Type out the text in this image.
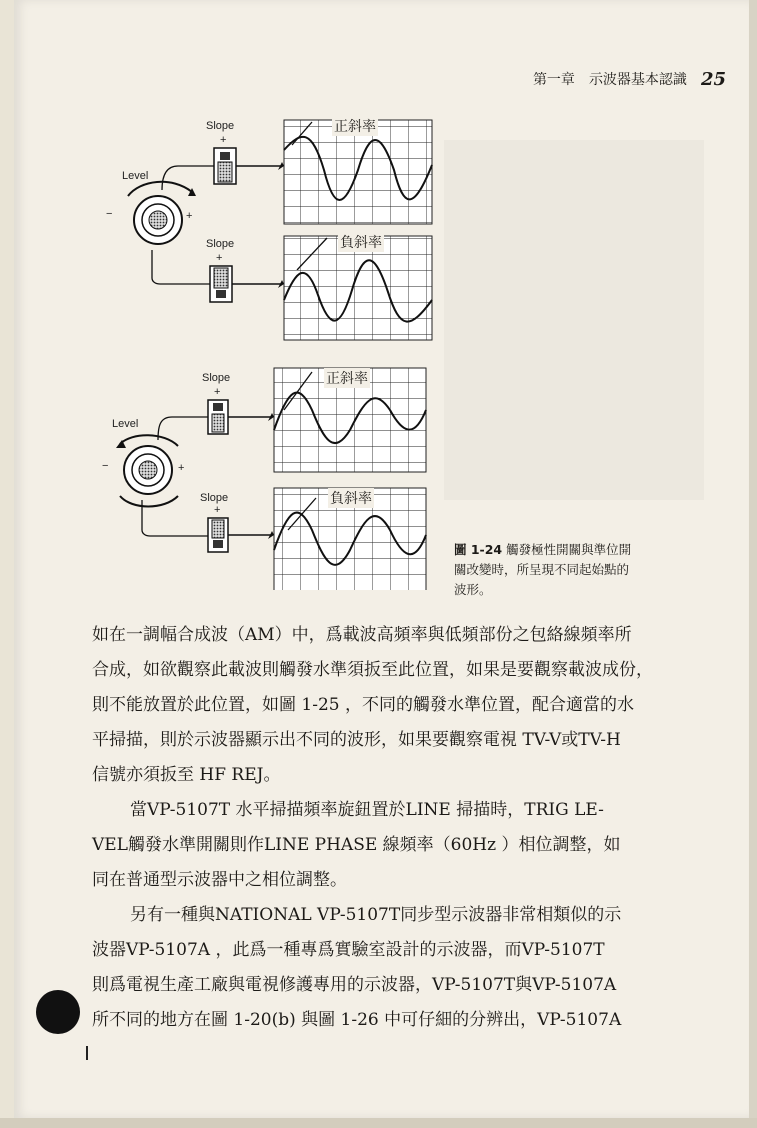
第一章 示波器基本認識 25
Level
Level
−	+
−	+
Slope
+
Slope
+
Slope
+
Slope
+
正斜率
負斜率
正斜率
負斜率
圖 1-24 觸發極性開關與準位開
關改變時，所呈現不同起始點的
波形。

如在一調幅合成波（AM）中，爲載波高頻率與低頻部份之包絡線頻率所

合成，如欲觀察此載波則觸發水準須扳至此位置，如果是要觀察載波成份，

則不能放置於此位置，如圖 1-25 ，不同的觸發水準位置，配合適當的水

平掃描，則於示波器顯示出不同的波形，如果要觀察電視 TV-V或TV-H

信號亦須扳至 HF REJ。

當VP-5107T 水平掃描頻率旋鈕置於LINE 掃描時，TRIG LE-

VEL觸發水準開關則作LINE PHASE 線頻率（60Hz ）相位調整，如

同在普通型示波器中之相位調整。

另有一種與NATIONAL VP-5107T同步型示波器非常相類似的示

波器VP-5107A ，此爲一種專爲實驗室設計的示波器，而VP-5107T

則爲電視生產工廠與電視修護專用的示波器，VP-5107T與VP-5107A

所不同的地方在圖 1-20(b) 與圖 1-26 中可仔細的分辨出，VP-5107A
